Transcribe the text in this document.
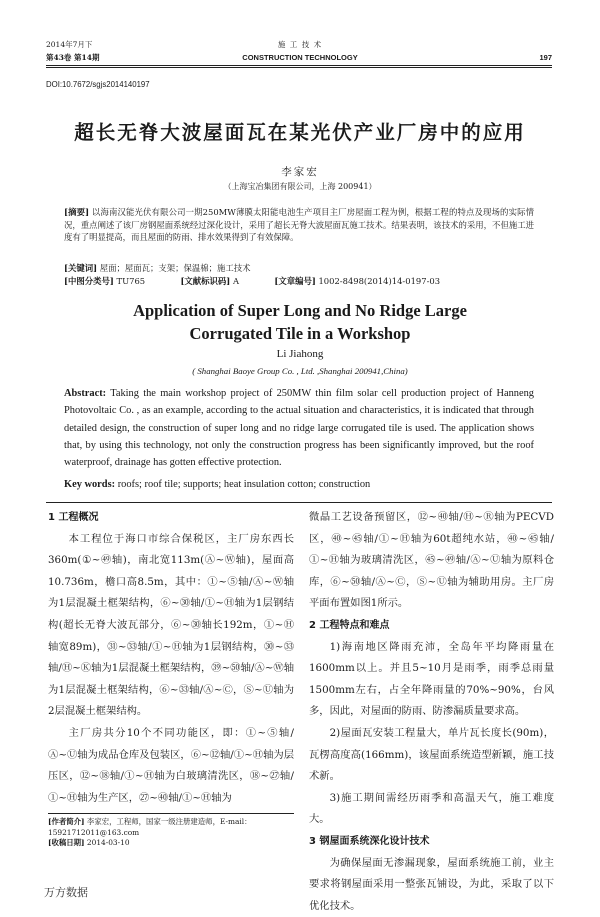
2014年7月下
第43卷 第14期
施 工 技 术
CONSTRUCTION TECHNOLOGY	197
DOI:10.7672/sgjs2014140197
超长无脊大波屋面瓦在某光伏产业厂房中的应用
李家宏
（上海宝冶集团有限公司，上海 200941）
[摘要] 以海南汉能光伏有限公司一期250MW薄膜太阳能电池生产项目主厂房屋面工程为例，根据工程的特点及现场的实际情况，重点阐述了该厂房钢屋面系统经过深化设计，采用了超长无脊大波屋面瓦施工技术。结果表明，该技术的采用，不但施工进度有了明显提高，而且屋面的防雨、排水效果得到了有效保障。
[关键词] 屋面；屋面瓦；支架；保温棉；施工技术
[中图分类号] TU765	[文献标识码] A	[文章编号] 1002-8498(2014)14-0197-03
Application of Super Long and No Ridge Large
Corrugated Tile in a Workshop
Li Jiahong
( Shanghai Baoye Group Co. , Ltd. ,Shanghai 200941,China)
Abstract: Taking the main workshop project of 250MW thin film solar cell production project of Hanneng Photovoltaic Co. , as an example, according to the actual situation and characteristics, it is indicated that through detailed design, the construction of super long and no ridge large corrugated tile is used. The application shows that, by using this technology, not only the construction progress has been significantly improved, but the roof waterproof, drainage has gotten effective protection.
Key words: roofs; roof tile; supports; heat insulation cotton; construction
1 工程概况

本工程位于海口市综合保税区，主厂房东西长360m(①~㊾轴)，南北宽113m(Ⓐ~Ⓦ轴)，屋面高10.736m，檐口高8.5m，其中：①~⑤轴/Ⓐ~Ⓦ轴为1层混凝土框架结构，⑥~㉚轴/①~Ⓗ轴为1层钢结构(超长无脊大波瓦部分，⑥~㉚轴长192m，①~Ⓗ轴宽89m)，㉛~㉝轴/①~Ⓗ轴为1层钢结构，㉚~㉝轴/Ⓗ~Ⓚ轴为1层混凝土框架结构，㊴~㊿轴/Ⓐ~Ⓦ轴为1层混凝土框架结构，⑥~㉝轴/Ⓐ~Ⓒ，Ⓢ~Ⓤ轴为2层混凝土框架结构。

主厂房共分10个不同功能区，即：①~⑤轴/Ⓐ~Ⓤ轴为成品仓库及包装区，⑥~⑫轴/①~Ⓗ轴为层压区，⑫~⑱轴/①~Ⓗ轴为白玻璃清洗区，⑱~㉗轴/①~Ⓗ轴为生产区，㉗~㊵轴/①~Ⓗ轴为

微晶工艺设备预留区，⑫~㊵轴/Ⓗ~Ⓡ轴为PECVD区，㊵~㊺轴/①~Ⓗ轴为60t超纯水站，㊵~㊺轴/①~Ⓗ轴为玻璃清洗区，㊺~㊾轴/Ⓐ~Ⓤ轴为原料仓库，⑥~㊿轴/Ⓐ~Ⓒ，Ⓢ~Ⓤ轴为辅助用房。主厂房平面布置如图1所示。

2 工程特点和难点

1)海南地区降雨充沛，全岛年平均降雨量在1600mm以上。并且5~10月是雨季，雨季总雨量1500mm左右，占全年降雨量的70%~90%，台风多，因此，对屋面的防雨、防渗漏质量要求高。

2)屋面瓦安装工程量大，单片瓦长度长(90m)，瓦楞高度高(166mm)，该屋面系统造型新颖，施工技术新。

3)施工期间需经历雨季和高温天气，施工难度大。

3 钢屋面系统深化设计技术

为确保屋面无渗漏现象，屋面系统施工前，业主要求将钢屋面采用一整张瓦铺设，为此，采取了以下优化技术。

[作者简介] 李家宏，工程师，国家一级注册建造师，E-mail：15921712011@163.com
[收稿日期] 2014-03-10
万方数据
